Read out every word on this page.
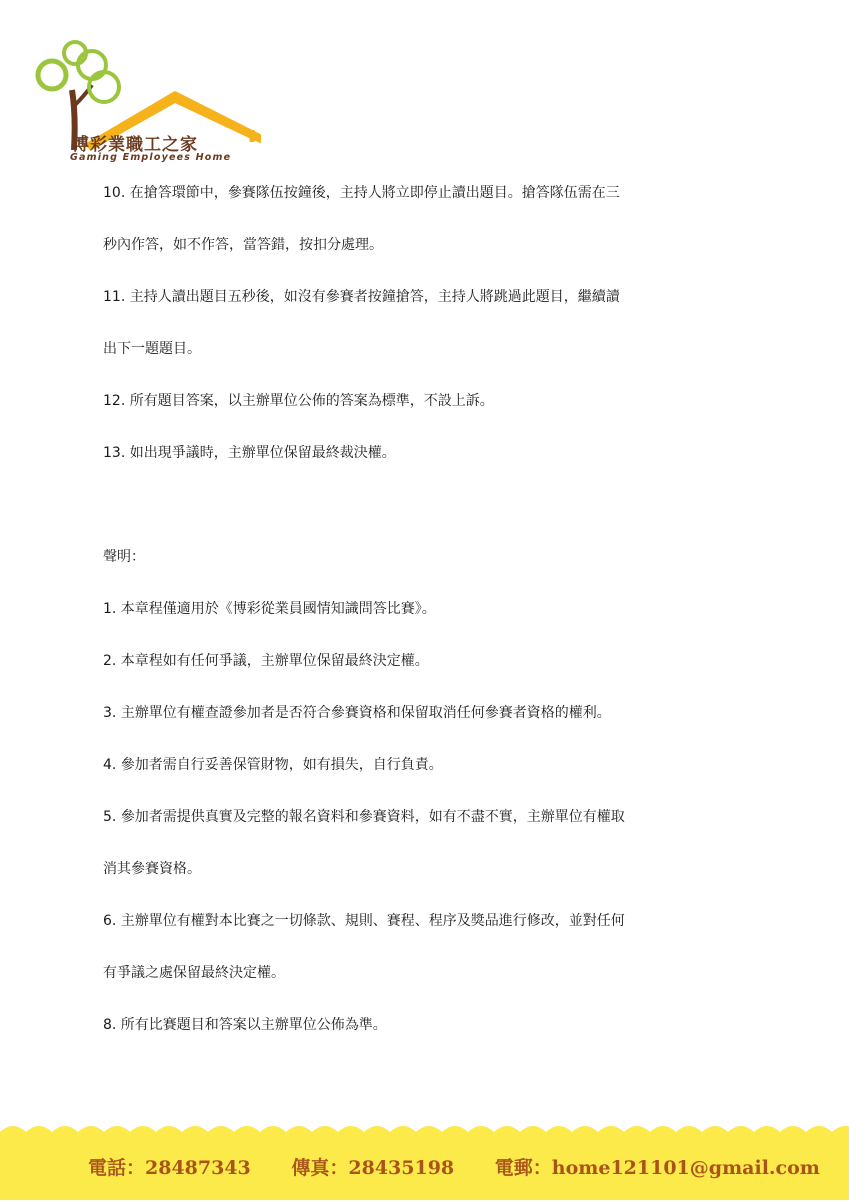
博彩業職工之家
Gaming Employees Home
10. 在搶答環節中，參賽隊伍按鐘後，主持人將立即停止讀出題目。搶答隊伍需在三
秒內作答，如不作答，當答錯，按扣分處理。
11. 主持人讀出題目五秒後，如沒有參賽者按鐘搶答，主持人將跳過此題目，繼續讀
出下一題題目。
12. 所有題目答案，以主辦單位公佈的答案為標準，不設上訴。
13. 如出現爭議時，主辦單位保留最終裁決權。
聲明：
1. 本章程僅適用於《博彩從業員國情知識問答比賽》。
2. 本章程如有任何爭議，主辦單位保留最終決定權。
3. 主辦單位有權查證參加者是否符合參賽資格和保留取消任何參賽者資格的權利。
4. 參加者需自行妥善保管財物，如有損失，自行負責。
5. 參加者需提供真實及完整的報名資料和參賽資料，如有不盡不實，主辦單位有權取
消其參賽資格。
6. 主辦單位有權對本比賽之一切條款、規則、賽程、程序及獎品進行修改，並對任何
有爭議之處保留最終決定權。
8. 所有比賽題目和答案以主辦單位公佈為準。
電話：28487343 傳真：28435198 電郵：home121101@gmail.com
